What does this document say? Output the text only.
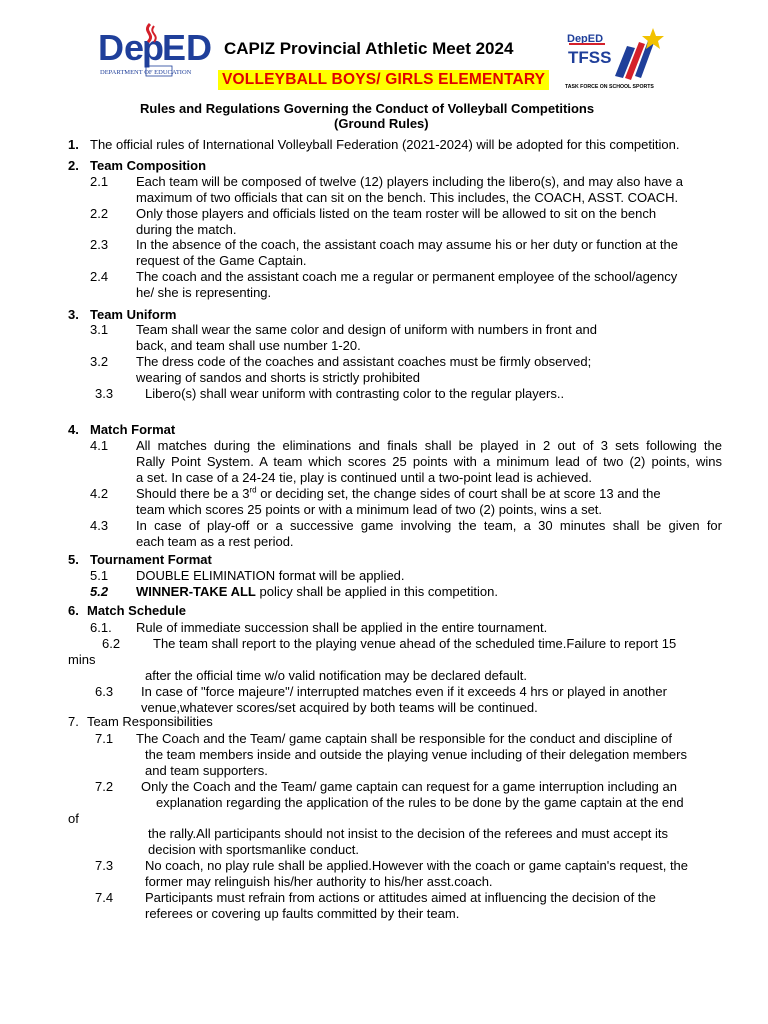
De
p
ED
DEPARTMENT OF EDUCATION
CAPIZ Provincial Athletic Meet 2024
VOLLEYBALL BOYS/ GIRLS ELEMENTARY
DepED
TFSS
TASK FORCE ON SCHOOL SPORTS
Rules and Regulations Governing the Conduct of Volleyball Competitions
(Ground Rules)
1. The official rules of International Volleyball Federation (2021-2024) will be adopted for this competition.
2. Team Composition
2.1 Each team will be composed of twelve (12) players including the libero(s), and may also have a
maximum of two officials that can sit on the bench. This includes, the COACH, ASST. COACH.
2.2 Only those players and officials listed on the team roster will be allowed to sit on the bench
during the match.
2.3 In the absence of the coach, the assistant coach may assume his or her duty or function at the
request of the Game Captain.
2.4 The coach and the assistant coach me a regular or permanent employee of the school/agency
he/ she is representing.
3. Team Uniform
3.1 Team shall wear the same color and design of uniform with numbers in front and
back, and team shall use number 1-20.
3.2 The dress code of the coaches and assistant coaches must be firmly observed;
wearing of sandos and shorts is strictly prohibited
3.3 Libero(s) shall wear uniform with contrasting color to the regular players..
4. Match Format
4.1 All matches during the eliminations and finals shall be played in 2 out of 3 sets following the
Rally Point System. A team which scores 25 points with a minimum lead of two (2) points, wins
a set. In case of a 24-24 tie, play is continued until a two-point lead is achieved.
4.2 Should there be a 3rd or deciding set, the change sides of court shall be at score 13 and the
team which scores 25 points or with a minimum lead of two (2) points, wins a set.
4.3 In case of play-off or a successive game involving the team, a 30 minutes shall be given for
each team as a rest period.
5. Tournament Format
5.1 DOUBLE ELIMINATION format will be applied.
5.2 WINNER-TAKE ALL policy shall be applied in this competition.
6. Match Schedule
6.1. Rule of immediate succession shall be applied in the entire tournament.
6.2	The team shall report to the playing venue ahead of the scheduled time.Failure to report 15
mins
after the official time w/o valid notification may be declared default.
6.3 In case of "force majeure"/ interrupted matches even if it exceeds 4 hrs or played in another
venue,whatever scores/set acquired by both teams will be continued.
7. Team Responsibilities
7.1 The Coach and the Team/ game captain shall be responsible for the conduct and discipline of
the team members inside and outside the playing venue including of their delegation members
and team supporters.
7.2 Only the Coach and the Team/ game captain can request for a game interruption including an
explanation regarding the application of the rules to be done by the game captain at the end
of
the rally.All participants should not insist to the decision of the referees and must accept its
decision with sportsmanlike conduct.
7.3 No coach, no play rule shall be applied.However with the coach or game captain's request, the
former may relinguish his/her authority to his/her asst.coach.
7.4 Participants must refrain from actions or attitudes aimed at influencing the decision of the
referees or covering up faults committed by their team.
